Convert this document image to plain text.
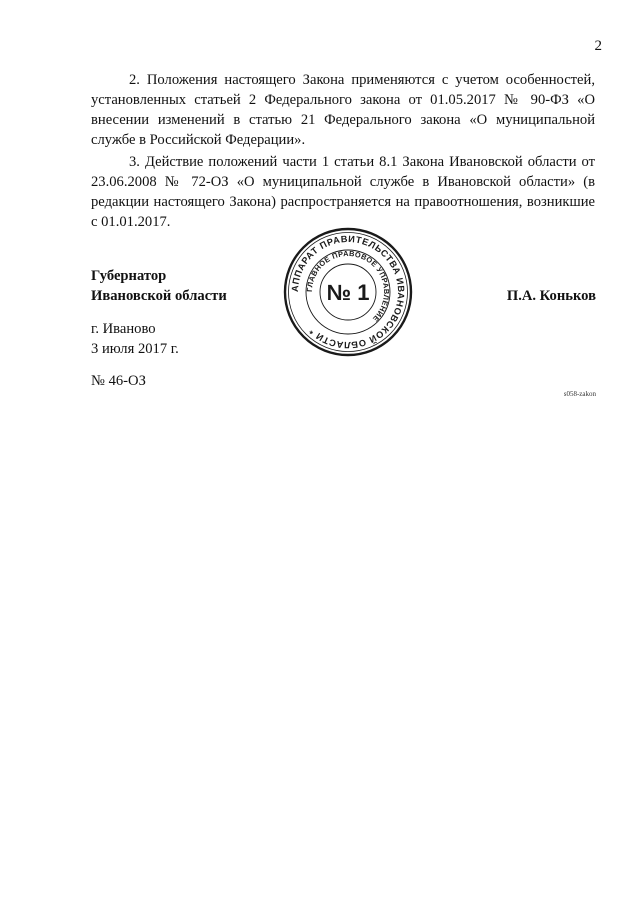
2

2. Положения настоящего Закона применяются с учетом особенностей, установленных статьей 2 Федерального закона от 01.05.2017 № 90-ФЗ «О внесении изменений в статью 21 Федерального закона «О муниципальной службе в Российской Федерации».

3. Действие положений части 1 статьи 8.1 Закона Ивановской области от 23.06.2008 № 72-ОЗ «О муниципальной службе в Ивановской области» (в редакции настоящего Закона) распространяется на правоотношения, возникшие с 01.01.2017.

Губернатор
Ивановской области	АППАРАТ ПРАВИТЕЛЬСТВА ИВАНОВСКОЙ ОБЛАСТИ *
ГЛАВНОЕ ПРАВОВОЕ УПРАВЛЕНИЕ
№ 1	П.А. Коньков
г. Иваново
3 июля 2017 г.
№ 46-ОЗ
s058-zakon
